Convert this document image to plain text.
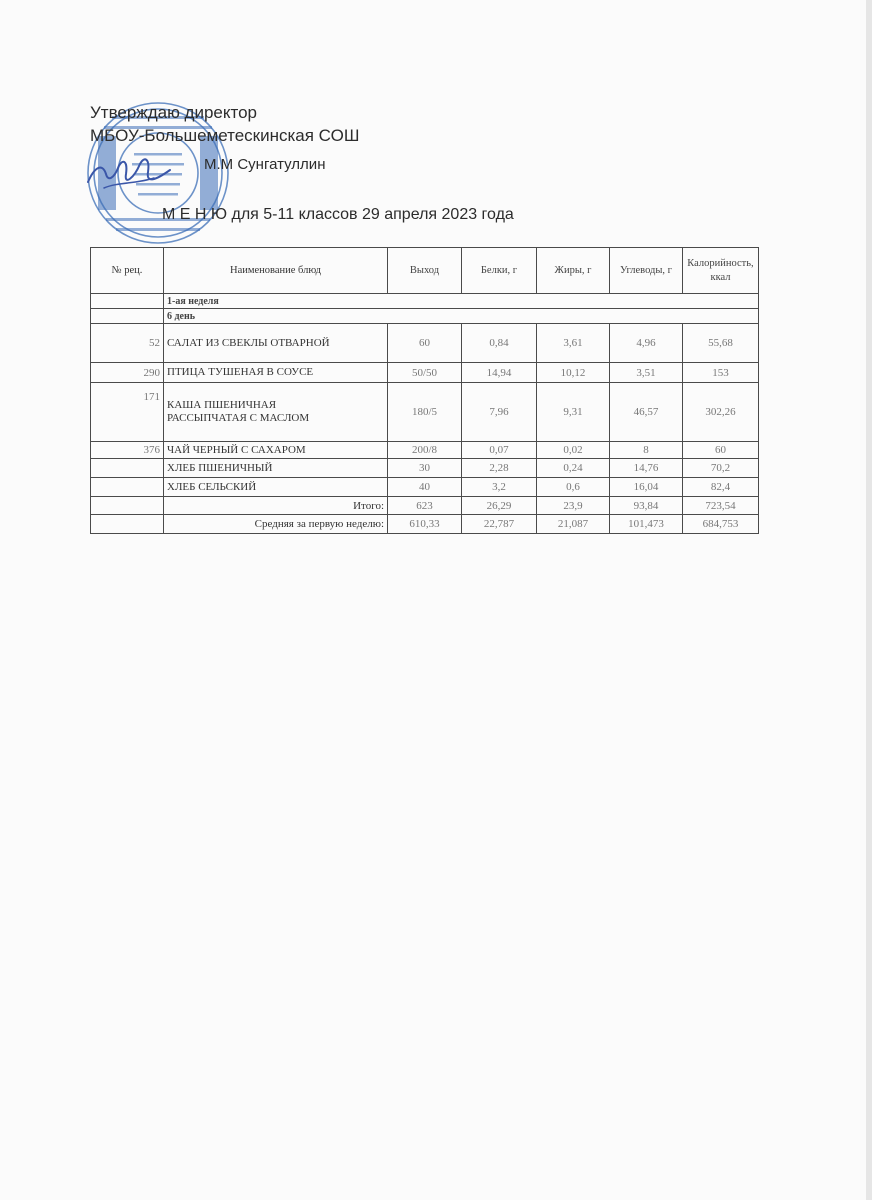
Утверждаю директор
МБОУ-Большеметескинская СОШ
М.М Сунгатуллин
М Е Н Ю для 5-11 классов 29 апреля 2023 года
№ рец.	Наименование блюд	Выход	Белки, г	Жиры, г	Углеводы, г	Калорийность, ккал
	1-ая неделя					
	6 день					
52	САЛАТ ИЗ СВЕКЛЫ ОТВАРНОЙ	60	0,84	3,61	4,96	55,68
290	ПТИЦА ТУШЕНАЯ В СОУСЕ	50/50	14,94	10,12	3,51	153
171	КАША ПШЕНИЧНАЯ
РАССЫПЧАТАЯ С МАСЛОМ	180/5	7,96	9,31	46,57	302,26
376	ЧАЙ ЧЕРНЫЙ С САХАРОМ	200/8	0,07	0,02	8	60
	ХЛЕБ ПШЕНИЧНЫЙ	30	2,28	0,24	14,76	70,2
	ХЛЕБ СЕЛЬСКИЙ	40	3,2	0,6	16,04	82,4
	Итого:	623	26,29	23,9	93,84	723,54
	Средняя за первую неделю:	610,33	22,787	21,087	101,473	684,753
